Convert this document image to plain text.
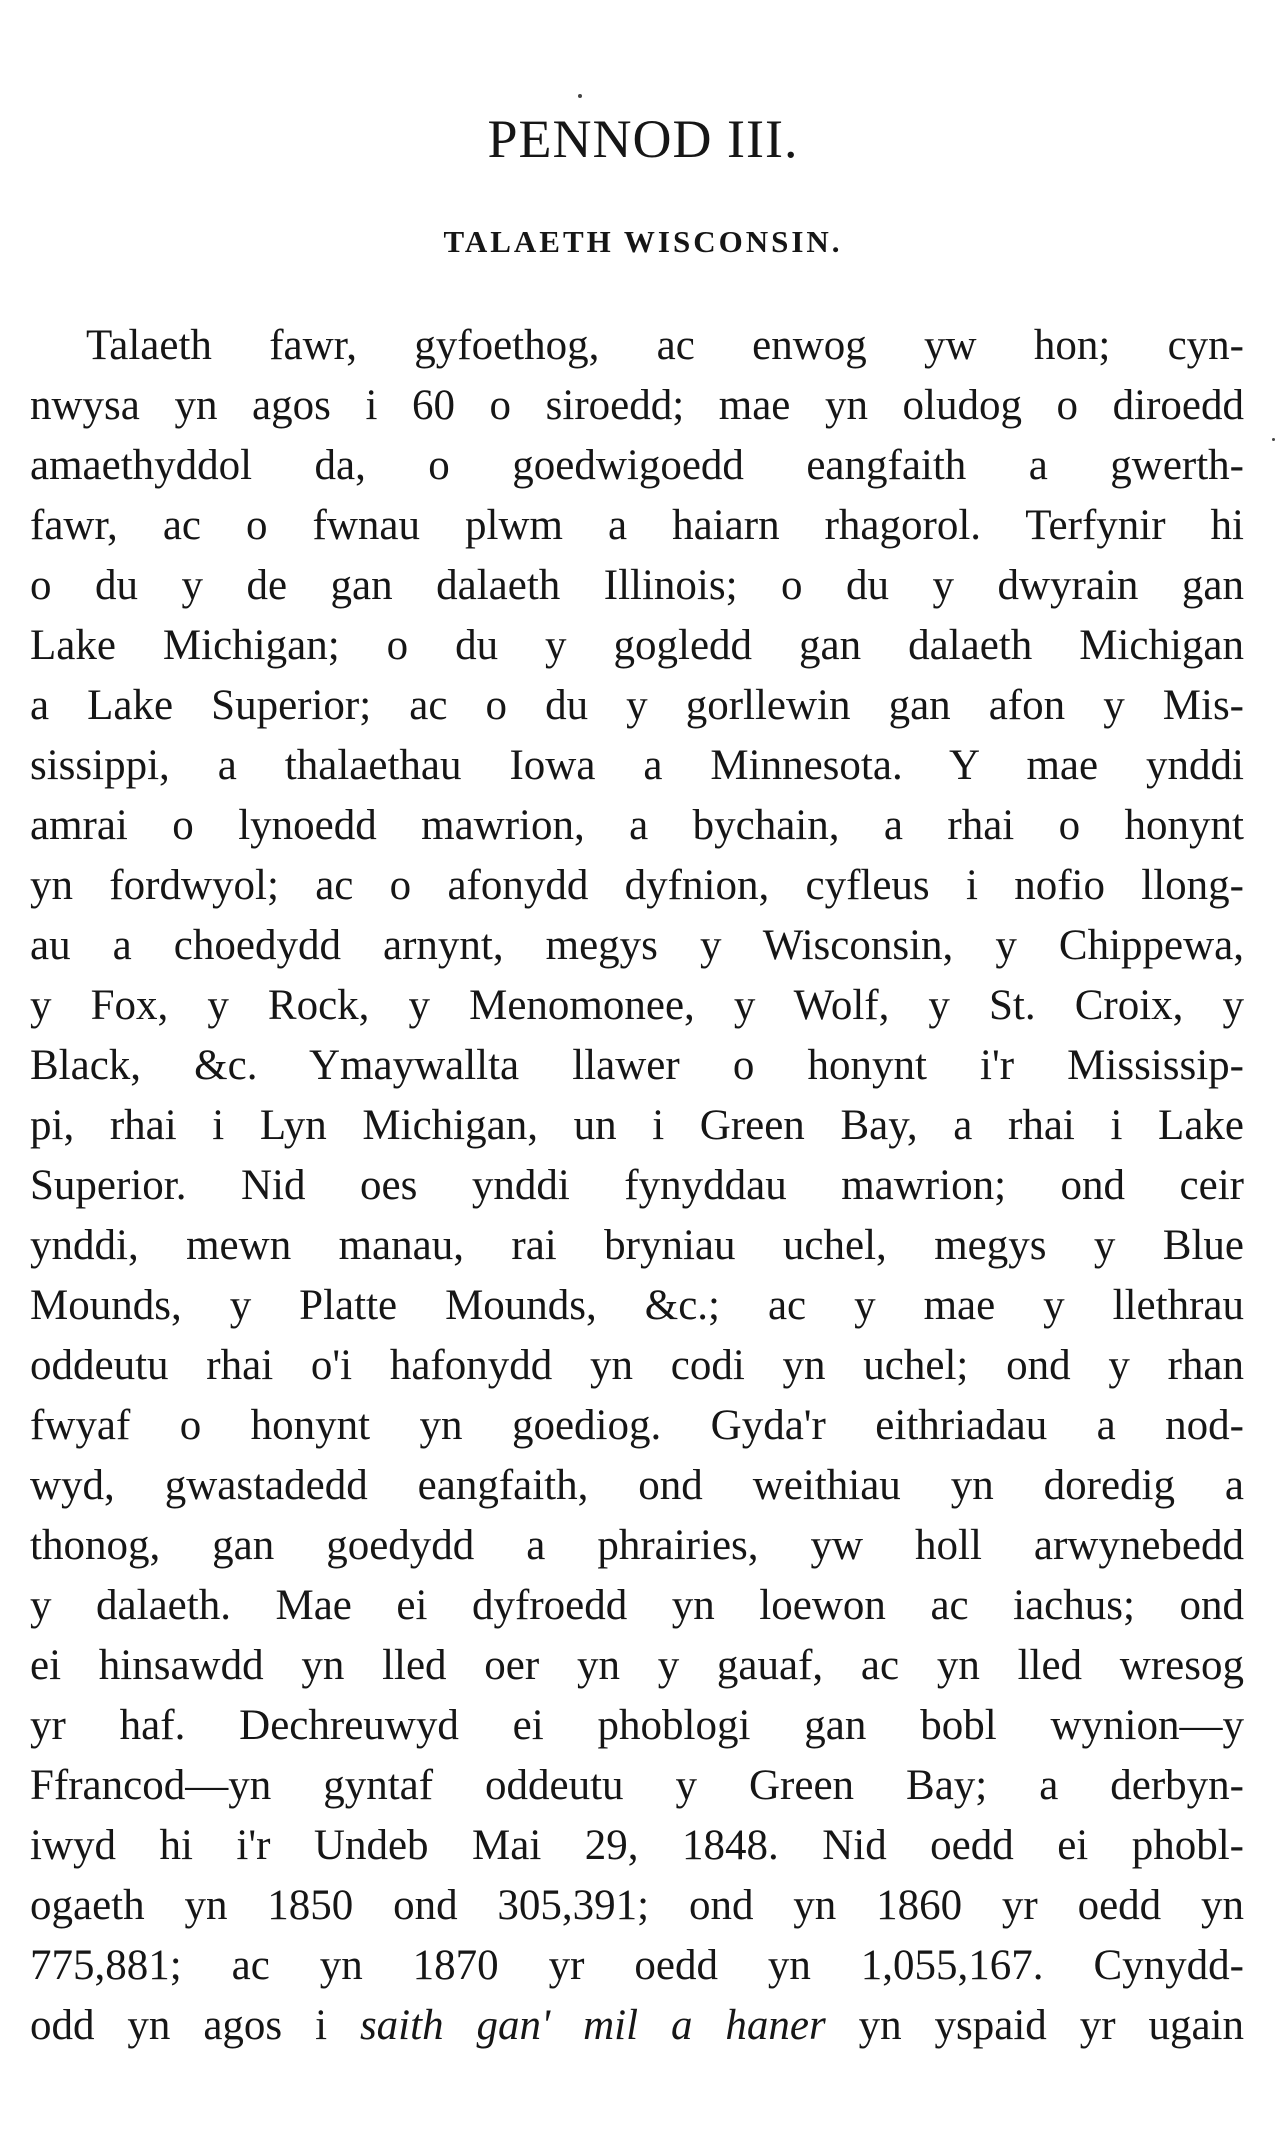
PENNOD III.
TALAETH WISCONSIN.
Talaeth fawr, gyfoethog, ac enwog yw hon; cyn-
nwysa yn agos i 60 o siroedd; mae yn oludog o diroedd
amaethyddol da, o goedwigoedd eangfaith a gwerth-
fawr, ac o fwnau plwm a haiarn rhagorol. Terfynir hi
o du y de gan dalaeth Illinois; o du y dwyrain gan
Lake Michigan; o du y gogledd gan dalaeth Michigan
a Lake Superior; ac o du y gorllewin gan afon y Mis-
sissippi, a thalaethau Iowa a Minnesota. Y mae ynddi
amrai o lynoedd mawrion, a bychain, a rhai o honynt
yn fordwyol; ac o afonydd dyfnion, cyfleus i nofio llong-
au a choedydd arnynt, megys y Wisconsin, y Chippewa,
y Fox, y Rock, y Menomonee, y Wolf, y St. Croix, y
Black, &c. Ymaywallta llawer o honynt i'r Mississip-
pi, rhai i Lyn Michigan, un i Green Bay, a rhai i Lake
Superior. Nid oes ynddi fynyddau mawrion; ond ceir
ynddi, mewn manau, rai bryniau uchel, megys y Blue
Mounds, y Platte Mounds, &c.; ac y mae y llethrau
oddeutu rhai o'i hafonydd yn codi yn uchel; ond y rhan
fwyaf o honynt yn goediog. Gyda'r eithriadau a nod-
wyd, gwastadedd eangfaith, ond weithiau yn doredig a
thonog, gan goedydd a phrairies, yw holl arwynebedd
y dalaeth. Mae ei dyfroedd yn loewon ac iachus; ond
ei hinsawdd yn lled oer yn y gauaf, ac yn lled wresog
yr haf. Dechreuwyd ei phoblogi gan bobl wynion—y
Ffrancod—yn gyntaf oddeutu y Green Bay; a derbyn-
iwyd hi i'r Undeb Mai 29, 1848. Nid oedd ei phobl-
ogaeth yn 1850 ond 305,391; ond yn 1860 yr oedd yn
775,881; ac yn 1870 yr oedd yn 1,055,167. Cynydd-
odd yn agos i saith gan' mil a haner yn yspaid yr ugain
